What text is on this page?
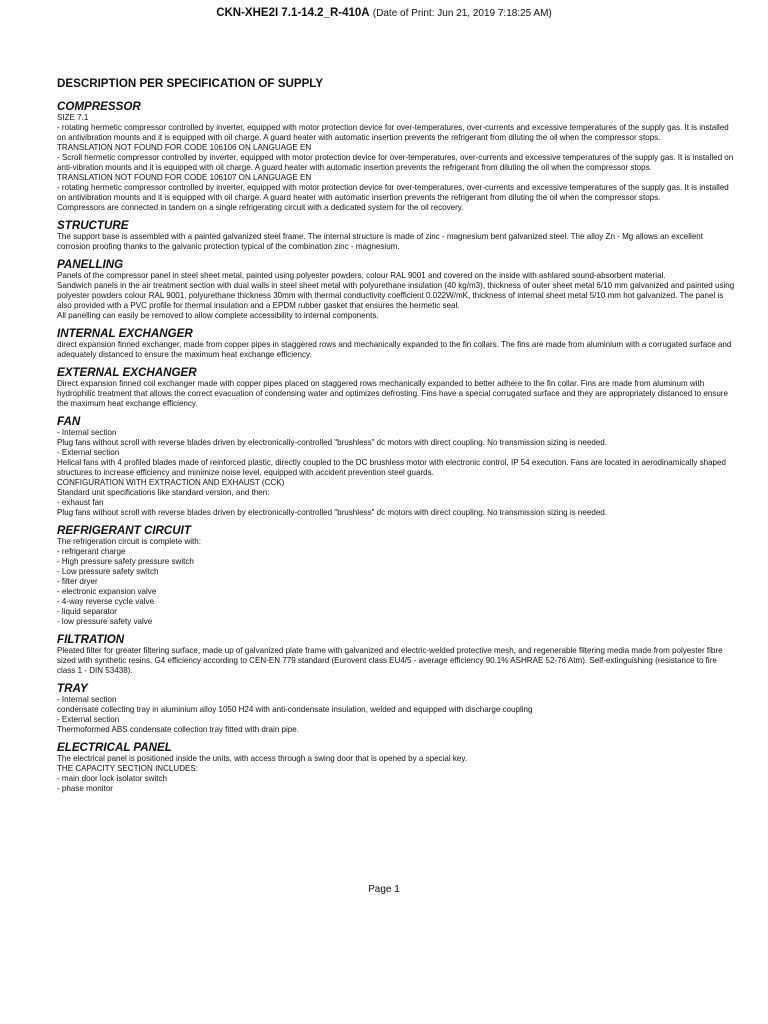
CKN-XHE2I 7.1-14.2_R-410A (Date of Print: Jun 21, 2019 7:18:25 AM)
DESCRIPTION PER SPECIFICATION OF SUPPLY
COMPRESSOR

SIZE 7.1
- rotating hermetic compressor controlled by inverter, equipped with motor protection device for over-temperatures, over-currents and excessive temperatures of the supply gas. It is installed on antivibration mounts and it is equipped with oil charge. A guard heater with automatic insertion prevents the refrigerant from diluting the oil when the compressor stops.
TRANSLATION NOT FOUND FOR CODE 106106 ON LANGUAGE EN
- Scroll hermetic compressor controlled by inverter, equipped with motor protection device for over-temperatures, over-currents and excessive temperatures of the supply gas. It is installed on anti-vibration mounts and it is equipped with oil charge. A guard heater with automatic insertion prevents the refrigerant from diluting the oil when the compressor stops.
TRANSLATION NOT FOUND FOR CODE 106107 ON LANGUAGE EN
- rotating hermetic compressor controlled by inverter, equipped with motor protection device for over-temperatures, over-currents and excessive temperatures of the supply gas. It is installed on antivibration mounts and it is equipped with oil charge. A guard heater with automatic insertion prevents the refrigerant from diluting the oil when the compressor stops.
Compressors are connected in tandem on a single refrigerating circuit with a dedicated system for the oil recovery.

STRUCTURE

The support base is assembled with a painted galvanized steel frame. The internal structure is made of zinc - magnesium bent galvanized steel. The alloy Zn - Mg allows an excellent corrosion proofing thanks to the galvanic protection typical of the combination zinc - magnesium.

PANELLING

Panels of the compressor panel in steel sheet metal, painted using polyester powders, colour RAL 9001 and covered on the inside with ashlared sound-absorbent material.
Sandwich panels in the air treatment section with dual walls in steel sheet metal with polyurethane insulation (40 kg/m3), thickness of outer sheet metal 6/10 mm galvanized and painted using polyester powders colour RAL 9001, polyurethane thickness 30mm with thermal conductivity coefficient 0.022W/mK, thickness of internal sheet metal 5/10 mm hot galvanized. The panel is also provided with a PVC profile for thermal insulation and a EPDM rubber gasket that ensures the hermetic seal.
All panelling can easily be removed to allow complete accessibility to internal components.

INTERNAL EXCHANGER

direct expansion finned exchanger, made from copper pipes in staggered rows and mechanically expanded to the fin collars. The fins are made from aluminium with a corrugated surface and adequately distanced to ensure the maximum heat exchange efficiency.

EXTERNAL EXCHANGER

Direct expansion finned coil exchanger made with copper pipes placed on staggered rows mechanically expanded to better adhere to the fin collar. Fins are made from aluminum with hydrophilic treatment that allows the correct evacuation of condensing water and optimizes defrosting. Fins have a special corrugated surface and they are appropriately distanced to ensure the maximum heat exchange efficiency.

FAN

- Internal section
Plug fans without scroll with reverse blades driven by electronically-controlled "brushless" dc motors with direct coupling. No transmission sizing is needed.
- External section
Helical fans with 4 profiled blades made of reinforced plastic, directly coupled to the DC brushless motor with electronic control, IP 54 execution. Fans are located in aerodinamically shaped structures to increase efficiency and minimize noise level, equipped with accident prevention steel guards.
CONFIGURATION WITH EXTRACTION AND EXHAUST (CCK)
Standard unit specifications like standard version, and then:
- exhaust fan
Plug fans without scroll with reverse blades driven by electronically-controlled "brushless" dc motors with direct coupling. No transmission sizing is needed.

REFRIGERANT CIRCUIT

The refrigeration circuit is complete with:
- refrigerant charge
- High pressure safety pressure switch
- Low pressure safety switch
- filter dryer
- electronic expansion valve
- 4-way reverse cycle valve
- liquid separator
- low pressure safety valve

FILTRATION

Pleated filter for greater filtering surface, made up of galvanized plate frame with galvanized and electric-welded protective mesh, and regenerable filtering media made from polyester fibre sized with synthetic resins. G4 efficiency according to CEN-EN 779 standard (Eurovent class EU4/5 - average efficiency 90.1% ASHRAE 52-76 Atm). Self-extinguishing (resistance to fire class 1 - DIN 53438).

TRAY

- Internal section
condensate collecting tray in aluminium alloy 1050 H24 with anti-condensate insulation, welded and equipped with discharge coupling
- External section
Thermoformed ABS condensate collection tray fitted with drain pipe.

ELECTRICAL PANEL

The electrical panel is positioned inside the units, with access through a swing door that is opened by a special key.
THE CAPACITY SECTION INCLUDES:
- main door lock isolator switch
- phase monitor

Page 1
